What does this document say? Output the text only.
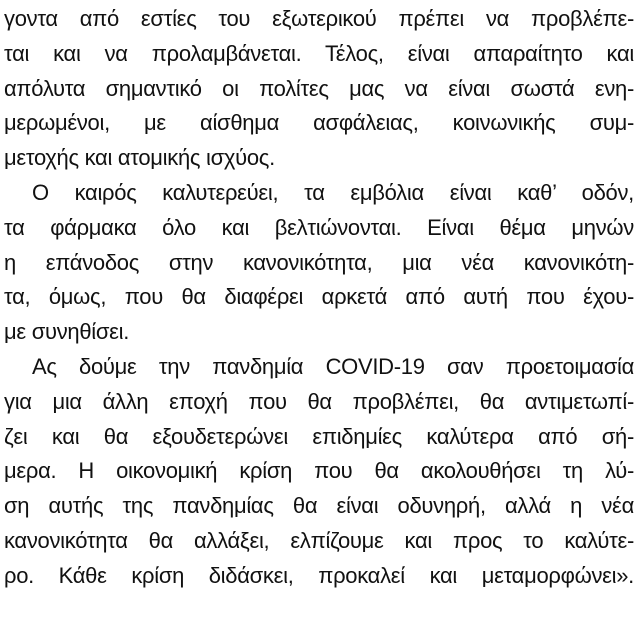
γοντα από εστίες του εξωτερικού πρέπει να προβλέπε-
ται και να προλαμβάνεται. Τέλος, είναι απαραίτητο και
απόλυτα σημαντικό οι πολίτες μας να είναι σωστά ενη-
μερωμένοι, με αίσθημα ασφάλειας, κοινωνικής συμ-
μετοχής και ατομικής ισχύος.
Ο καιρός καλυτερεύει, τα εμβόλια είναι καθ’ οδόν,
τα φάρμακα όλο και βελτιώνονται. Είναι θέμα μηνών
η επάνοδος στην κανονικότητα, μια νέα κανονικότη-
τα, όμως, που θα διαφέρει αρκετά από αυτή που έχου-
με συνηθίσει.
Ας δούμε την πανδημία COVID-19 σαν προετοιμασία
για μια άλλη εποχή που θα προβλέπει, θα αντιμετωπί-
ζει και θα εξουδετερώνει επιδημίες καλύτερα από σή-
μερα. Η οικονομική κρίση που θα ακολουθήσει τη λύ-
ση αυτής της πανδημίας θα είναι οδυνηρή, αλλά η νέα
κανονικότητα θα αλλάξει, ελπίζουμε και προς το καλύτε-
ρο. Κάθε κρίση διδάσκει, προκαλεί και μεταμορφώνει».
